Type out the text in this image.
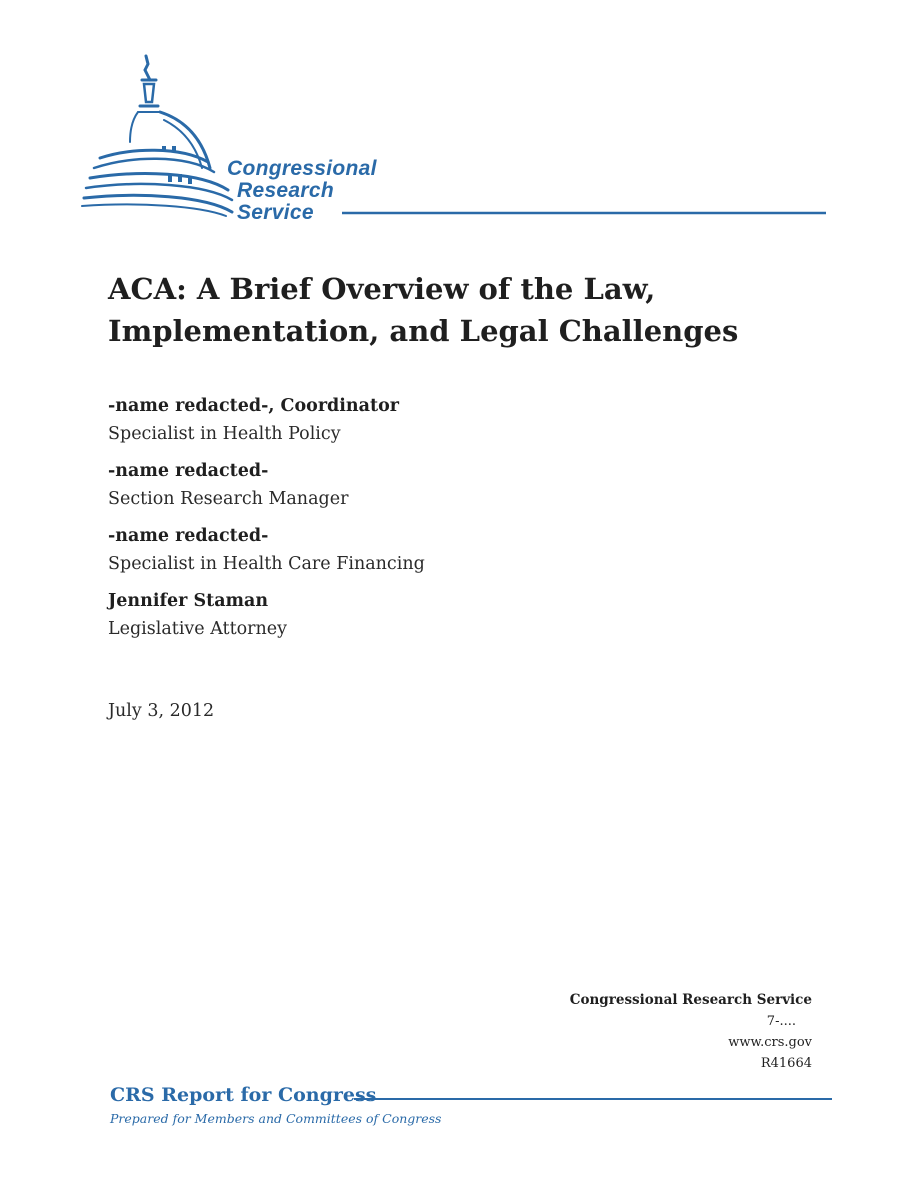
Congressional
Research
Service
ACA: A Brief Overview of the Law,
Implementation, and Legal Challenges
-name redacted-, Coordinator
Specialist in Health Policy
-name redacted-
Section Research Manager
-name redacted-
Specialist in Health Care Financing
Jennifer Staman
Legislative Attorney
July 3, 2012
Congressional Research Service
7-....
www.crs.gov
R41664
CRS Report for Congress
Prepared for Members and Committees of Congress
